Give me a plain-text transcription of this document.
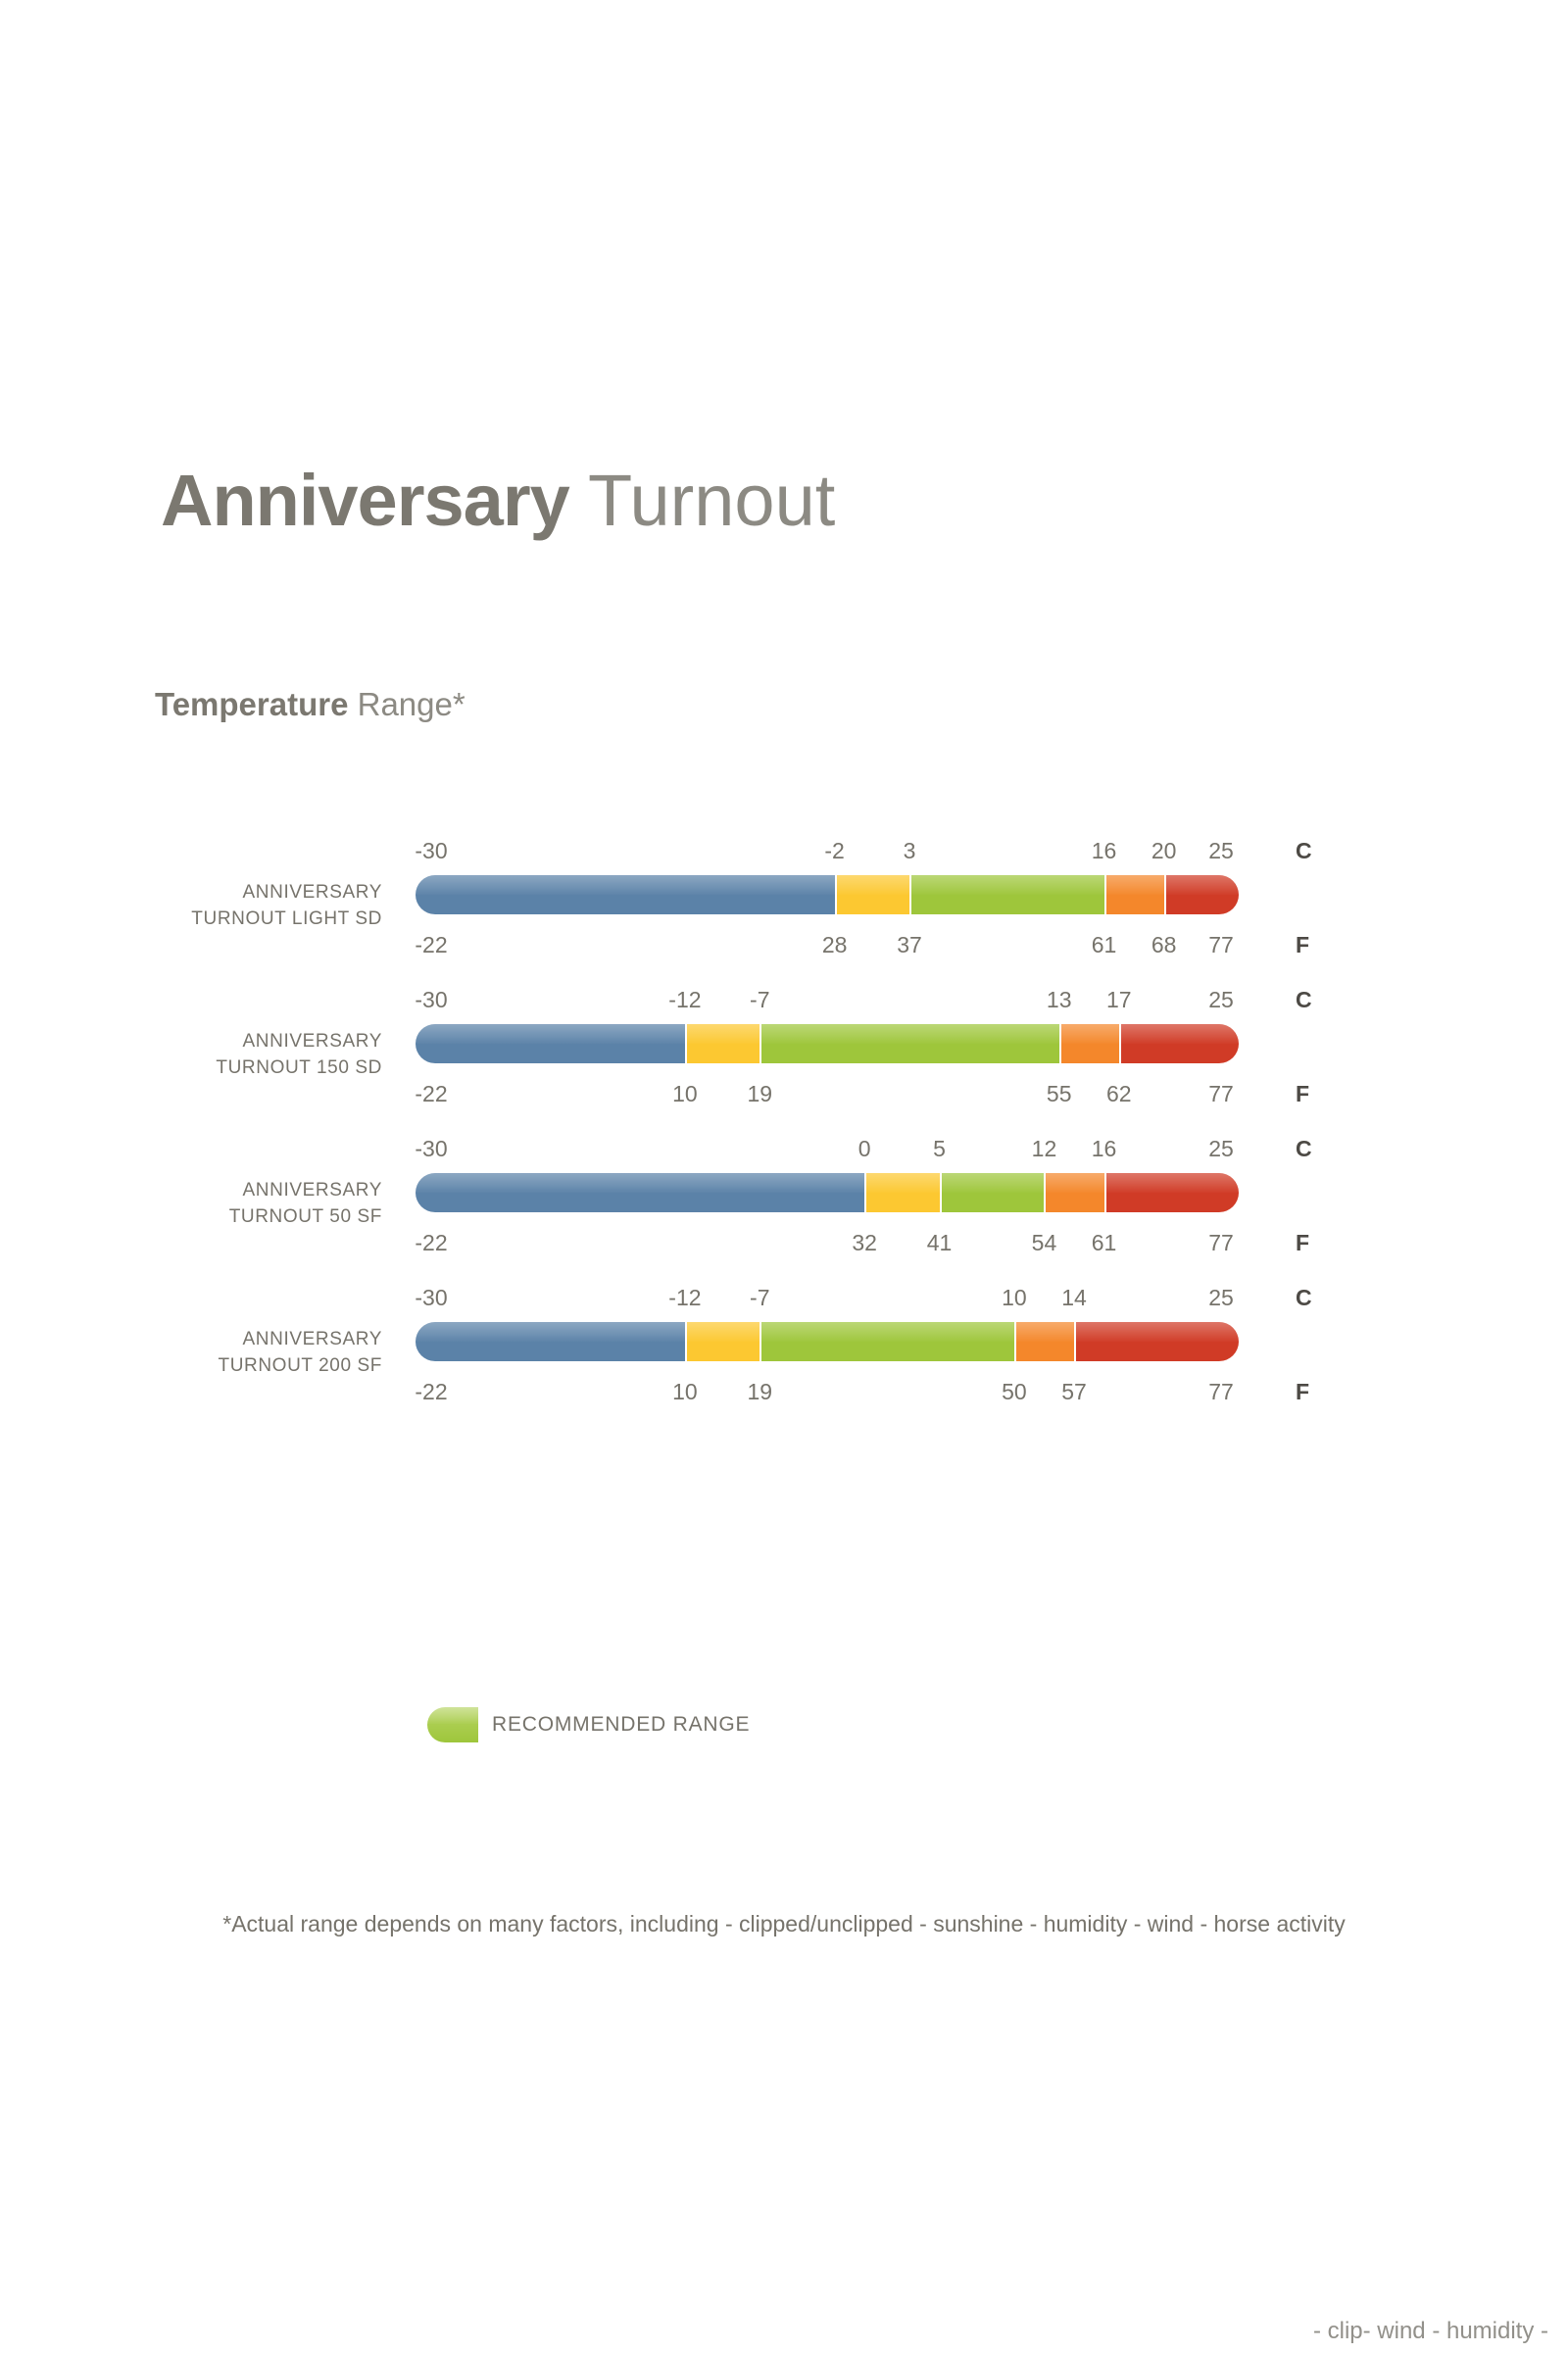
Anniversary Turnout
Temperature Range*
ANNIVERSARY
TURNOUT LIGHT SD
-30	-2	3	16 20 25	C
-22	28 37	61 68 77	F
ANNIVERSARY
TURNOUT 150 SD
-30	-12 -7	13 17	25	C
-22	10 19	55 62	77	F
ANNIVERSARY
TURNOUT 50 SF
-30	0	5	12 16	25	C
-22	32 41	54 61	77	F
ANNIVERSARY
TURNOUT 200 SF
-30	-12 -7	10 14	25	C
-22	10 19	50 57	77	F
RECOMMENDED RANGE
*Actual range depends on many factors, including - clipped/unclipped - sunshine - humidity - wind - horse activity
- clip- wind - humidity -
